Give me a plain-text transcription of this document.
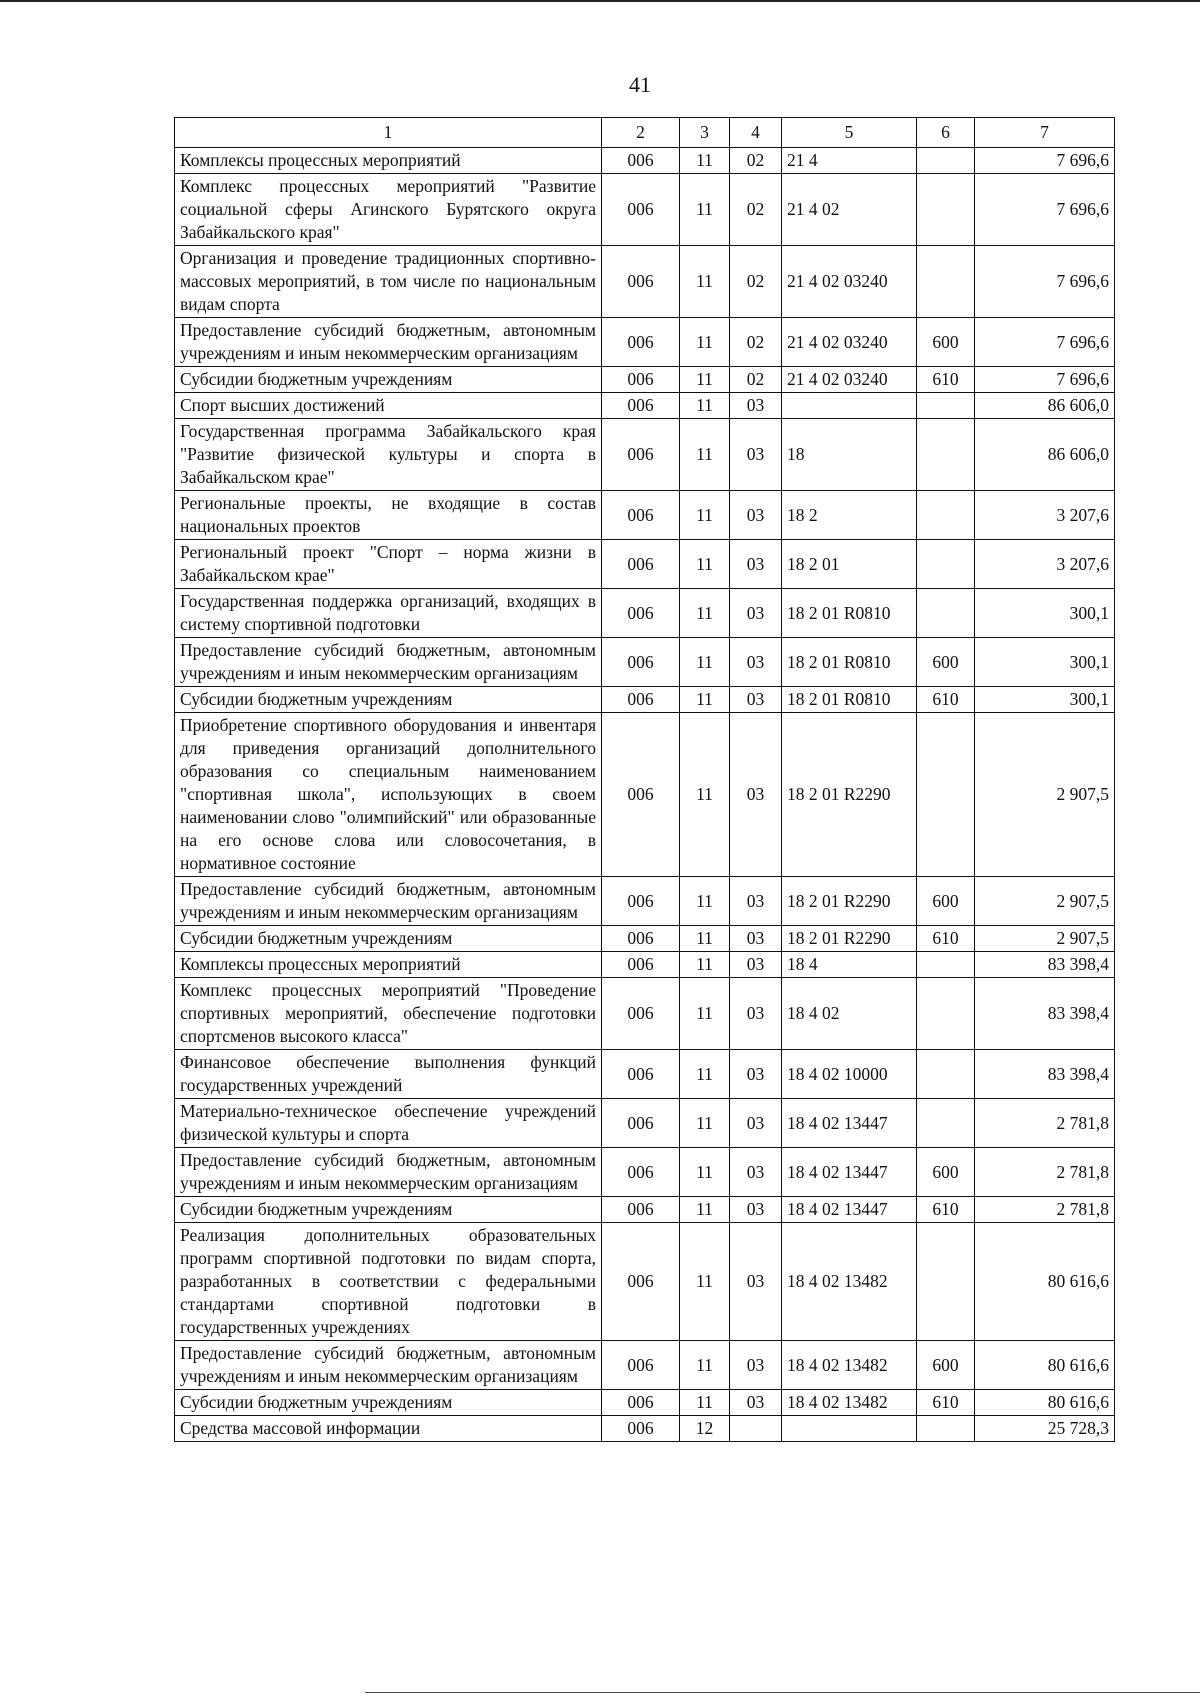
41
1	2	3	4	5	6	7
Комплексы процессных мероприятий	006	11	02	21 4		7 696,6
Комплекс процессных мероприятий "Развитие социальной сферы Агинского Бурятского округа Забайкальского края"	006	11	02	21 4 02		7 696,6
Организация и проведение традиционных спортивно-массовых мероприятий, в том числе по национальным видам спорта	006	11	02	21 4 02 03240		7 696,6
Предоставление субсидий бюджетным, автономным учреждениям и иным некоммерческим организациям	006	11	02	21 4 02 03240	600	7 696,6
Субсидии бюджетным учреждениям	006	11	02	21 4 02 03240	610	7 696,6
Спорт высших достижений	006	11	03			86 606,0
Государственная программа Забайкальского края "Развитие физической культуры и спорта в Забайкальском крае"	006	11	03	18		86 606,0
Региональные проекты, не входящие в состав национальных проектов	006	11	03	18 2		3 207,6
Региональный проект "Спорт – норма жизни в Забайкальском крае"	006	11	03	18 2 01		3 207,6
Государственная поддержка организаций, входящих в систему спортивной подготовки	006	11	03	18 2 01 R0810		300,1
Предоставление субсидий бюджетным, автономным учреждениям и иным некоммерческим организациям	006	11	03	18 2 01 R0810	600	300,1
Субсидии бюджетным учреждениям	006	11	03	18 2 01 R0810	610	300,1
Приобретение спортивного оборудования и инвентаря для приведения организаций дополнительного образования со специальным наименованием "спортивная школа", использующих в своем наименовании слово "олимпийский" или образованные на его основе слова или словосочетания, в нормативное состояние	006	11	03	18 2 01 R2290		2 907,5
Предоставление субсидий бюджетным, автономным учреждениям и иным некоммерческим организациям	006	11	03	18 2 01 R2290	600	2 907,5
Субсидии бюджетным учреждениям	006	11	03	18 2 01 R2290	610	2 907,5
Комплексы процессных мероприятий	006	11	03	18 4		83 398,4
Комплекс процессных мероприятий "Проведение спортивных мероприятий, обеспечение подготовки спортсменов высокого класса"	006	11	03	18 4 02		83 398,4
Финансовое обеспечение выполнения функций государственных учреждений	006	11	03	18 4 02 10000		83 398,4
Материально-техническое обеспечение учреждений физической культуры и спорта	006	11	03	18 4 02 13447		2 781,8
Предоставление субсидий бюджетным, автономным учреждениям и иным некоммерческим организациям	006	11	03	18 4 02 13447	600	2 781,8
Субсидии бюджетным учреждениям	006	11	03	18 4 02 13447	610	2 781,8
Реализация дополнительных образовательных программ спортивной подготовки по видам спорта, разработанных в соответствии с федеральными стандартами спортивной подготовки в государственных учреждениях	006	11	03	18 4 02 13482		80 616,6
Предоставление субсидий бюджетным, автономным учреждениям и иным некоммерческим организациям	006	11	03	18 4 02 13482	600	80 616,6
Субсидии бюджетным учреждениям	006	11	03	18 4 02 13482	610	80 616,6
Средства массовой информации	006	12				25 728,3
